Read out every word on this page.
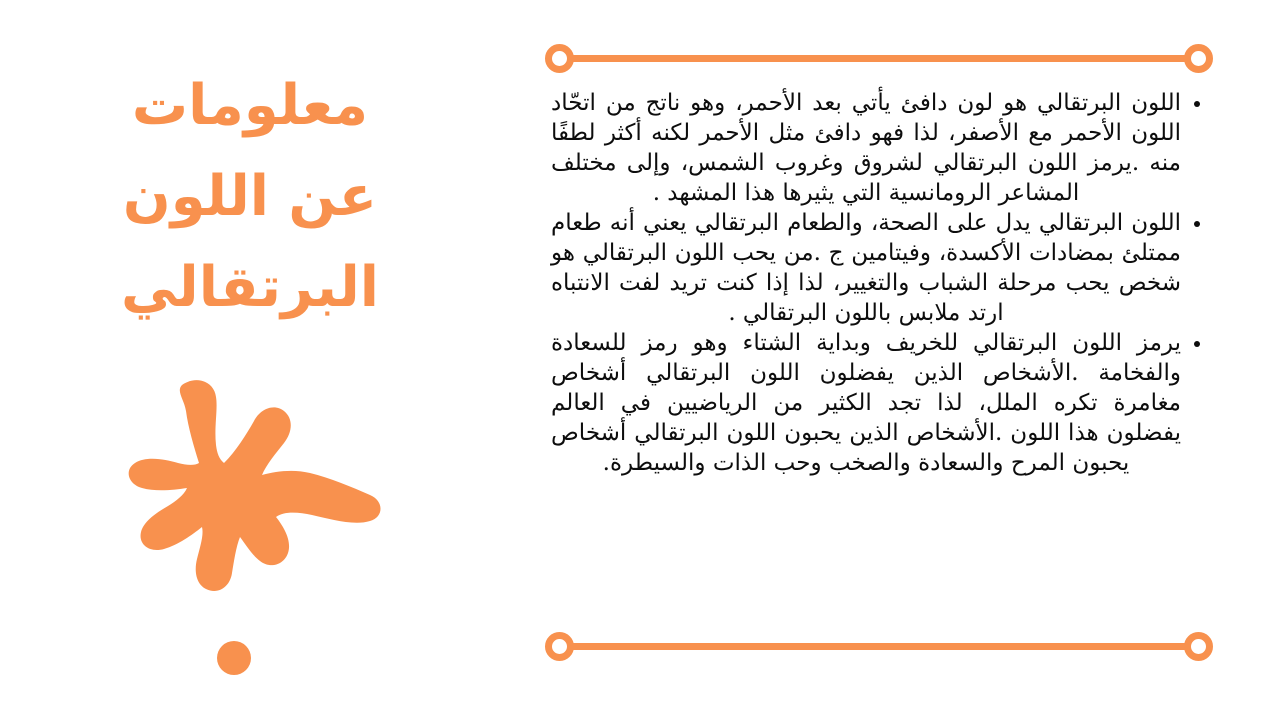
معلومات
عن اللون
البرتقالي
• اللون البرتقالي هو لون دافئ يأتي بعد الأحمر، وهو ناتج من اتحّاد اللون الأحمر مع الأصفر، لذا فهو دافئ مثل الأحمر لكنه أكثر لطفًا منه .يرمز اللون البرتقالي لشروق وغروب الشمس، وإلى مختلف المشاعر الرومانسية التي يثيرها هذا المشهد .
• اللون البرتقالي يدل على الصحة، والطعام البرتقالي يعني أنه طعام ممتلئ بمضادات الأكسدة، وفيتامين ج .من يحب اللون البرتقالي هو شخص يحب مرحلة الشباب والتغيير، لذا إذا كنت تريد لفت الانتباه ارتد ملابس باللون البرتقالي .
• يرمز اللون البرتقالي للخريف وبداية الشتاء وهو رمز للسعادة والفخامة .الأشخاص الذين يفضلون اللون البرتقالي أشخاص مغامرة تكره الملل، لذا تجد الكثير من الرياضيين في العالم يفضلون هذا اللون .الأشخاص الذين يحبون اللون البرتقالي أشخاص يحبون المرح والسعادة والصخب وحب الذات والسيطرة.
